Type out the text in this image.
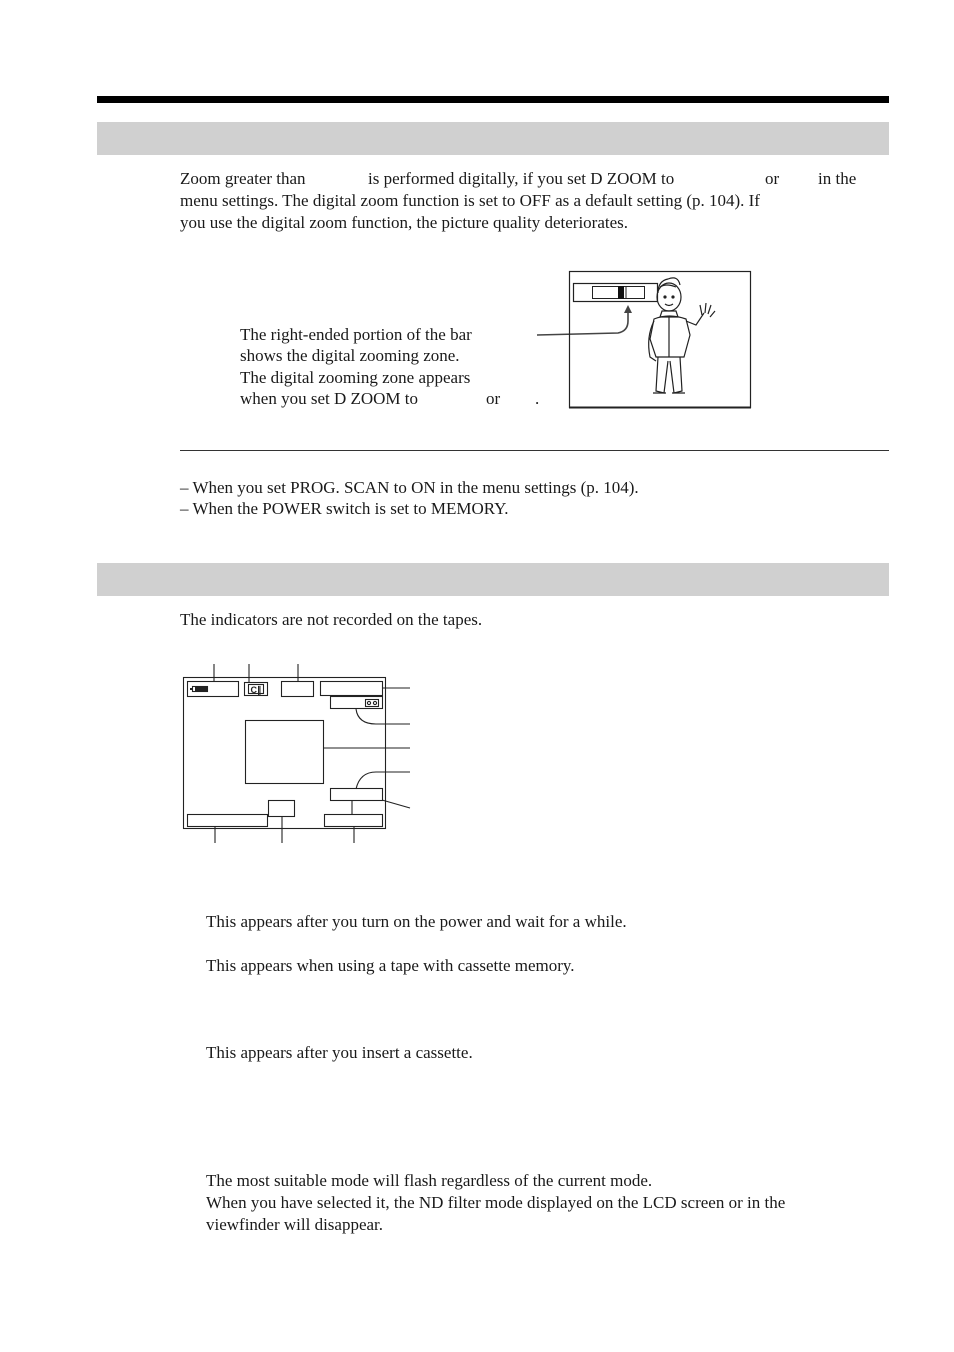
Zoom greater than	is performed digitally, if you set D ZOOM to	or in the
menu settings. The digital zoom function is set to OFF as a default setting (p. 104). If
you use the digital zoom function, the picture quality deteriorates.
The right-ended portion of the bar
shows the digital zooming zone.
The digital zooming zone appears
when you set D ZOOM to	or .
– When you set PROG. SCAN to ON in the menu settings (p. 104).
– When the POWER switch is set to MEMORY.
The indicators are not recorded on the tapes.
C∥
This appears after you turn on the power and wait for a while.
This appears when using a tape with cassette memory.
This appears after you insert a cassette.
The most suitable mode will flash regardless of the current mode.
When you have selected it, the ND filter mode displayed on the LCD screen or in the
viewfinder will disappear.
